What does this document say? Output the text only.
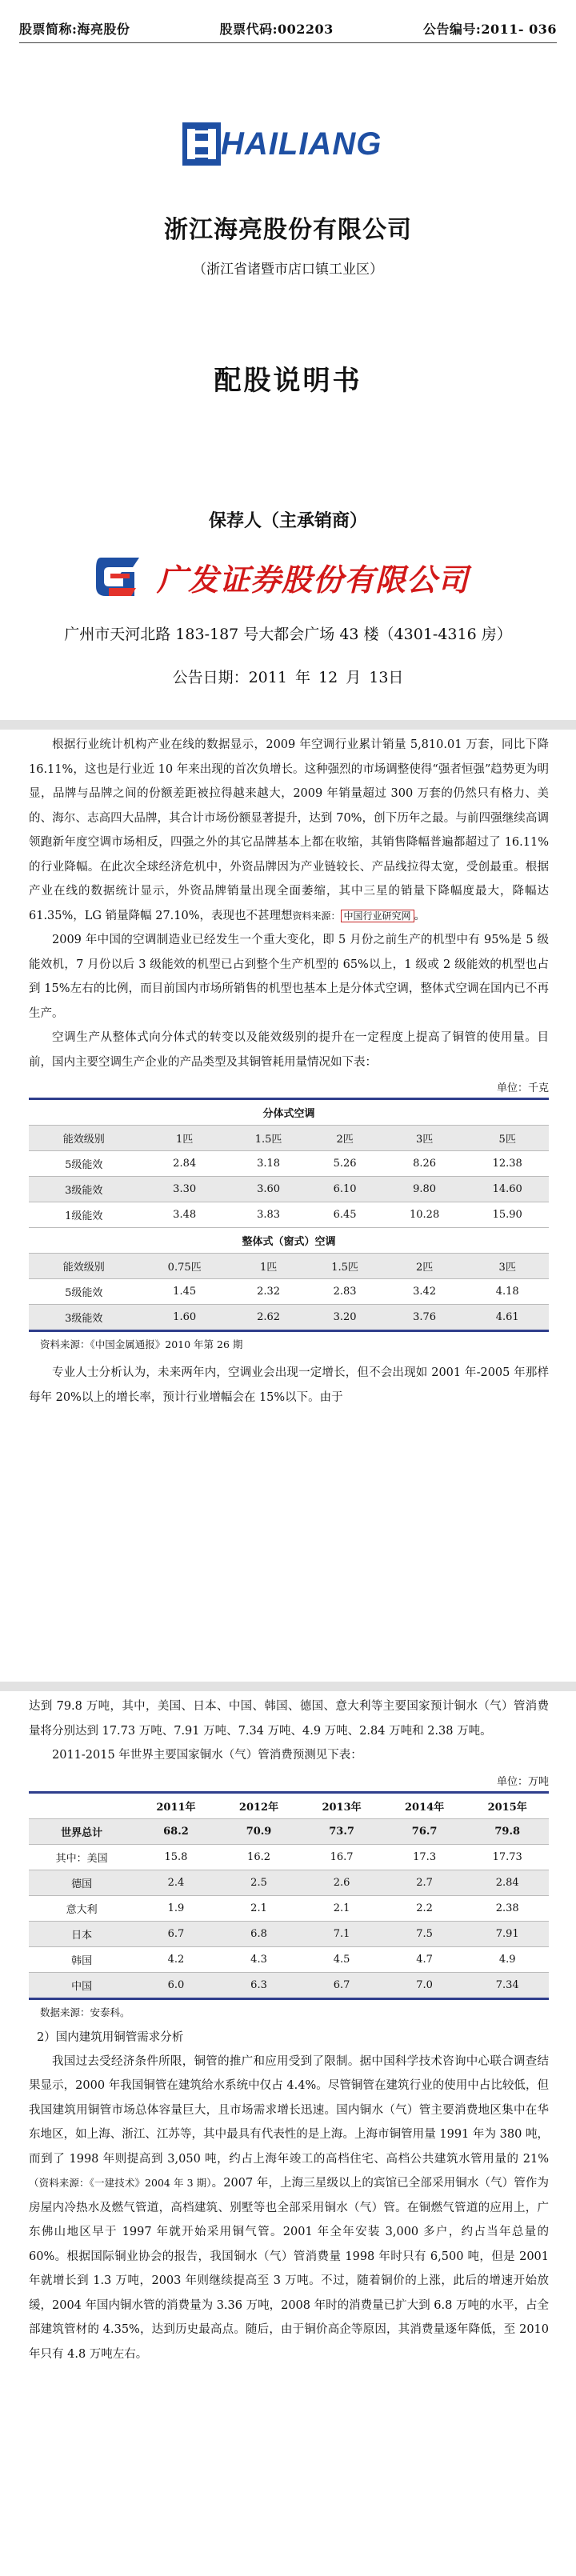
股票简称:海亮股份	股票代码:002203	公告编号:2011- 036
HAILIANG
浙江海亮股份有限公司
（浙江省诸暨市店口镇工业区）
配股说明书
保荐人（主承销商）
广发证券股份有限公司
广州市天河北路 183-187 号大都会广场 43 楼（4301-4316 房）
公告日期：2011 年 12 月 13日

根据行业统计机构产业在线的数据显示，2009 年空调行业累计销量 5,810.01 万套，同比下降 16.11%，这也是行业近 10 年来出现的首次负增长。这种强烈的市场调整使得“强者恒强”趋势更为明显，品牌与品牌之间的份额差距被拉得越来越大，2009 年销量超过 300 万套的仍然只有格力、美的、海尔、志高四大品牌，其合计市场份额显著提升，达到 70%，创下历年之最。与前四强继续高调领跑新年度空调市场相反，四强之外的其它品牌基本上都在收缩，其销售降幅普遍都超过了 16.11%的行业降幅。在此次全球经济危机中，外资品牌因为产业链较长、产品线拉得太宽，受创最重。根据产业在线的数据统计显示，外资品牌销量出现全面萎缩，其中三星的销量下降幅度最大，降幅达 61.35%，LG 销量降幅 27.10%，表现也不甚理想资料来源： 中国行业研究网 。

2009 年中国的空调制造业已经发生一个重大变化，即 5 月份之前生产的机型中有 95%是 5 级能效机，7 月份以后 3 级能效的机型已占到整个生产机型的 65%以上，1 级或 2 级能效的机型也占到 15%左右的比例，而目前国内市场所销售的机型也基本上是分体式空调，整体式空调在国内已不再生产。

空调生产从整体式向分体式的转变以及能效级别的提升在一定程度上提高了铜管的使用量。目前，国内主要空调生产企业的产品类型及其铜管耗用量情况如下表：

单位：千克
分体式空调					
能效级别	1匹	1.5匹	2匹	3匹	5匹
5级能效	2.84	3.18	5.26	8.26	12.38
3级能效	3.30	3.60	6.10	9.80	14.60
1级能效	3.48	3.83	6.45	10.28	15.90
整体式（窗式）空调					
能效级别	0.75匹	1匹	1.5匹	2匹	3匹
5级能效	1.45	2.32	2.83	3.42	4.18
3级能效	1.60	2.62	3.20	3.76	4.61
资料来源：《中国金属通报》2010 年第 26 期

专业人士分析认为，未来两年内，空调业会出现一定增长，但不会出现如 2001 年-2005 年那样每年 20%以上的增长率，预计行业增幅会在 15%以下。由于

达到 79.8 万吨，其中，美国、日本、中国、韩国、德国、意大利等主要国家预计铜水（气）管消费量将分别达到 17.73 万吨、7.91 万吨、7.34 万吨、4.9 万吨、2.84 万吨和 2.38 万吨。

2011-2015 年世界主要国家铜水（气）管消费预测见下表：

单位：万吨
	2011年	2012年	2013年	2014年	2015年
世界总计	68.2	70.9	73.7	76.7	79.8
其中：美国	15.8	16.2	16.7	17.3	17.73
德国	2.4	2.5	2.6	2.7	2.84
意大利	1.9	2.1	2.1	2.2	2.38
日本	6.7	6.8	7.1	7.5	7.91
韩国	4.2	4.3	4.5	4.7	4.9
中国	6.0	6.3	6.7	7.0	7.34
数据来源：安泰科。
2）国内建筑用铜管需求分析

我国过去受经济条件所限，铜管的推广和应用受到了限制。据中国科学技术咨询中心联合调查结果显示，2000 年我国铜管在建筑给水系统中仅占 4.4%。尽管铜管在建筑行业的使用中占比较低，但我国建筑用铜管市场总体容量巨大，且市场需求增长迅速。国内铜水（气）管主要消费地区集中在华东地区，如上海、浙江、江苏等，其中最具有代表性的是上海。上海市铜管用量 1991 年为 380 吨，而到了 1998 年则提高到 3,050 吨，约占上海年竣工的高档住宅、高档公共建筑水管用量的 21%（资料来源：《一建技术》2004 年 3 期）。2007 年，上海三星级以上的宾馆已全部采用铜水（气）管作为房屋内冷热水及燃气管道，高档建筑、别墅等也全部采用铜水（气）管。在铜燃气管道的应用上，广东佛山地区早于 1997 年就开始采用铜气管。2001 年全年安装 3,000 多户，约占当年总量的 60%。根据国际铜业协会的报告，我国铜水（气）管消费量 1998 年时只有 6,500 吨，但是 2001 年就增长到 1.3 万吨，2003 年则继续提高至 3 万吨。不过，随着铜价的上涨，此后的增速开始放缓，2004 年国内铜水管的消费量为 3.36 万吨，2008 年时的消费量已扩大到 6.8 万吨的水平，占全部建筑管材的 4.35%，达到历史最高点。随后，由于铜价高企等原因，其消费量逐年降低，至 2010 年只有 4.8 万吨左右。
